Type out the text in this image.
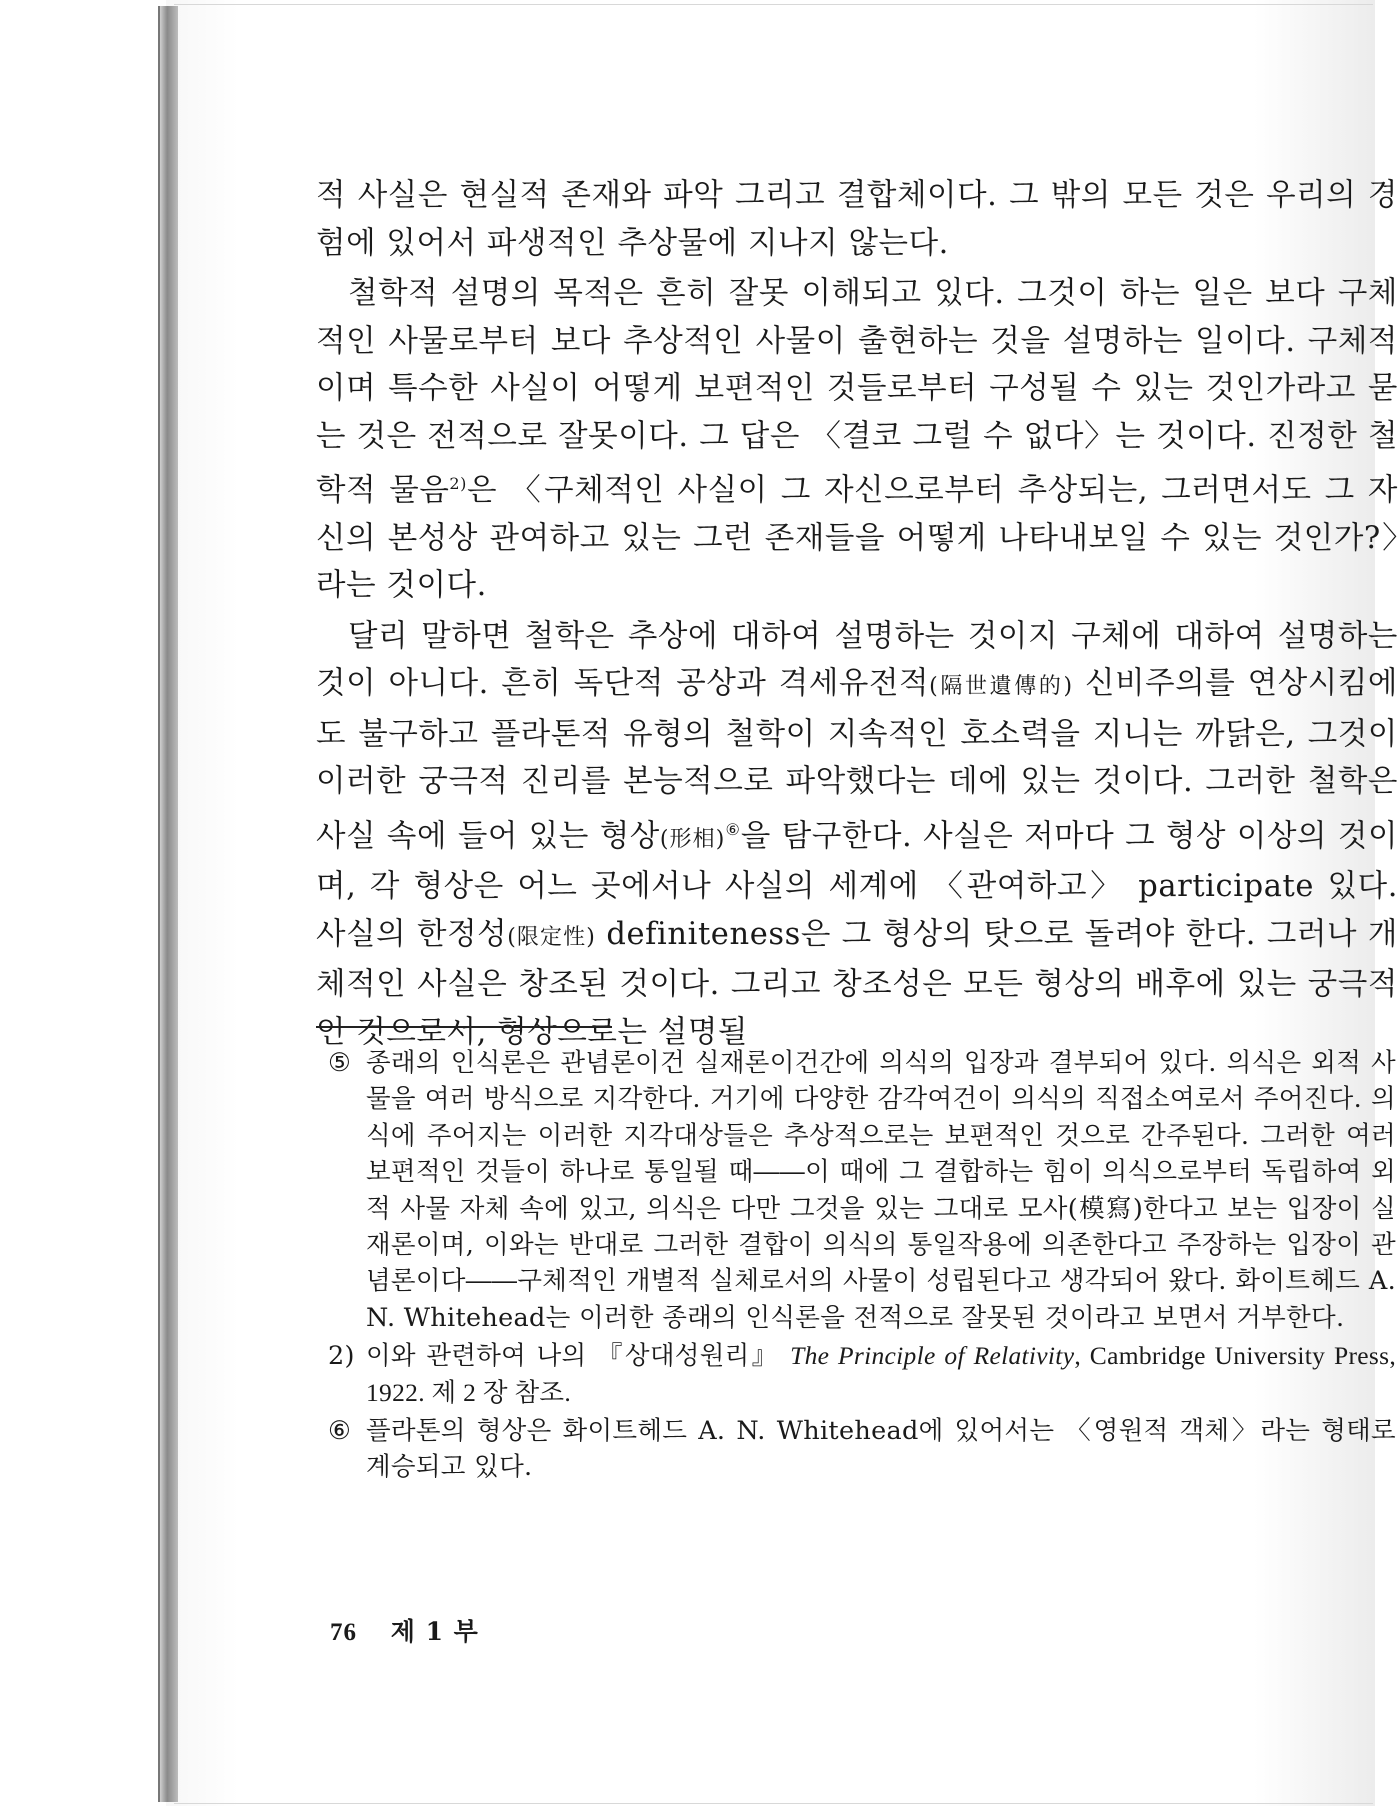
적 사실은 현실적 존재와 파악 그리고 결합체이다. 그 밖의 모든 것은 우리의 경험에 있어서 파생적인 추상물에 지나지 않는다.

철학적 설명의 목적은 흔히 잘못 이해되고 있다. 그것이 하는 일은 보다 구체적인 사물로부터 보다 추상적인 사물이 출현하는 것을 설명하는 일이다. 구체적이며 특수한 사실이 어떻게 보편적인 것들로부터 구성될 수 있는 것인가라고 묻는 것은 전적으로 잘못이다. 그 답은 〈결코 그럴 수 없다〉는 것이다. 진정한 철학적 물음$^{2)}$은 〈구체적인 사실이 그 자신으로부터 추상되는, 그러면서도 그 자신의 본성상 관여하고 있는 그런 존재들을 어떻게 나타내보일 수 있는 것인가?〉라는 것이다.

달리 말하면 철학은 추상에 대하여 설명하는 것이지 구체에 대하여 설명하는 것이 아니다. 흔히 독단적 공상과 격세유전적(隔世遺傳的) 신비주의를 연상시킴에도 불구하고 플라톤적 유형의 철학이 지속적인 호소력을 지니는 까닭은, 그것이 이러한 궁극적 진리를 본능적으로 파악했다는 데에 있는 것이다. 그러한 철학은 사실 속에 들어 있는 형상(形相)⑥을 탐구한다. 사실은 저마다 그 형상 이상의 것이며, 각 형상은 어느 곳에서나 사실의 세계에 〈관여하고〉 participate 있다. 사실의 한정성(限定性) definiteness은 그 형상의 탓으로 돌려야 한다. 그러나 개체적인 사실은 창조된 것이다. 그리고 창조성은 모든 형상의 배후에 있는 궁극적인 것으로서, 형상으로는 설명될

⑤ 종래의 인식론은 관념론이건 실재론이건간에 의식의 입장과 결부되어 있다. 의식은 외적 사물을 여러 방식으로 지각한다. 거기에 다양한 감각여건이 의식의 직접소여로서 주어진다. 의식에 주어지는 이러한 지각대상들은 추상적으로는 보편적인 것으로 간주된다. 그러한 여러 보편적인 것들이 하나로 통일될 때――이 때에 그 결합하는 힘이 의식으로부터 독립하여 외적 사물 자체 속에 있고, 의식은 다만 그것을 있는 그대로 모사(模寫)한다고 보는 입장이 실재론이며, 이와는 반대로 그러한 결합이 의식의 통일작용에 의존한다고 주장하는 입장이 관념론이다――구체적인 개별적 실체로서의 사물이 성립된다고 생각되어 왔다. 화이트헤드 A. N. Whitehead는 이러한 종래의 인식론을 전적으로 잘못된 것이라고 보면서 거부한다.
2) 이와 관련하여 나의 『상대성원리』 The Principle of Relativity, Cambridge University Press, 1922. 제 2 장 참조.
⑥ 플라톤의 형상은 화이트헤드 A. N. Whitehead에 있어서는 〈영원적 객체〉라는 형태로 계승되고 있다.
76 제 1 부
